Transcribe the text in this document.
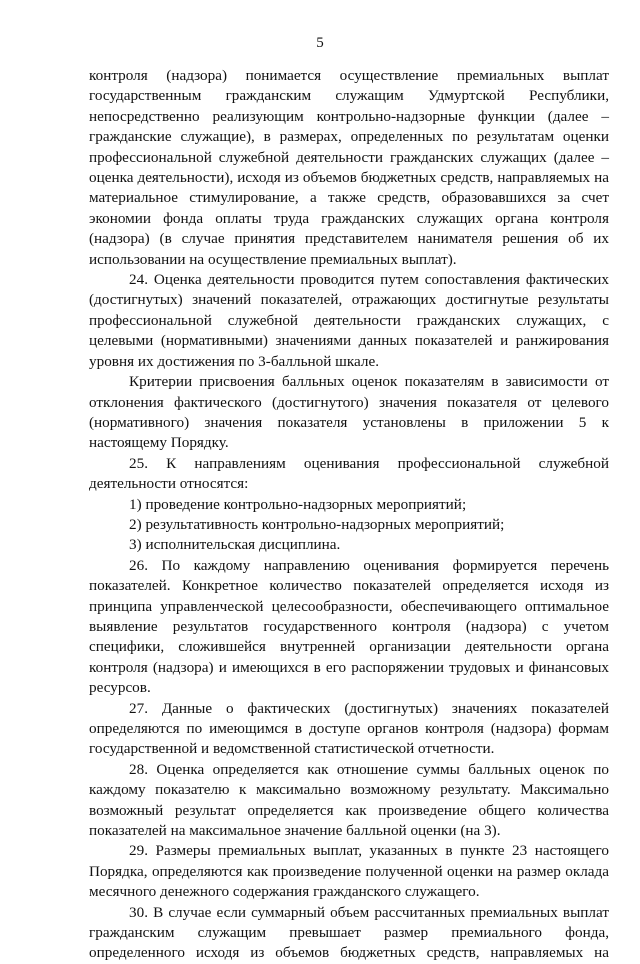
5

контроля (надзора) понимается осуществление премиальных выплат государственным гражданским служащим Удмуртской Республики, непосредственно реализующим контрольно-надзорные функции (далее – гражданские служащие), в размерах, определенных по результатам оценки профессиональной служебной деятельности гражданских служащих (далее – оценка деятельности), исходя из объемов бюджетных средств, направляемых на материальное стимулирование, а также средств, образовавшихся за счет экономии фонда оплаты труда гражданских служащих органа контроля (надзора) (в случае принятия представителем нанимателя решения об их использовании на осуществление премиальных выплат).

24. Оценка деятельности проводится путем сопоставления фактических (достигнутых) значений показателей, отражающих достигнутые результаты профессиональной служебной деятельности гражданских служащих, с целевыми (нормативными) значениями данных показателей и ранжирования уровня их достижения по 3-балльной шкале.

Критерии присвоения балльных оценок показателям в зависимости от отклонения фактического (достигнутого) значения показателя от целевого (нормативного) значения показателя установлены в приложении 5 к настоящему Порядку.

25. К направлениям оценивания профессиональной служебной деятельности относятся:

1) проведение контрольно-надзорных мероприятий;

2) результативность контрольно-надзорных мероприятий;

3) исполнительская дисциплина.

26. По каждому направлению оценивания формируется перечень показателей. Конкретное количество показателей определяется исходя из принципа управленческой целесообразности, обеспечивающего оптимальное выявление результатов государственного контроля (надзора) с учетом специфики, сложившейся внутренней организации деятельности органа контроля (надзора) и имеющихся в его распоряжении трудовых и финансовых ресурсов.

27. Данные о фактических (достигнутых) значениях показателей определяются по имеющимся в доступе органов контроля (надзора) формам государственной и ведомственной статистической отчетности.

28. Оценка определяется как отношение суммы балльных оценок по каждому показателю к максимально возможному результату. Максимально возможный результат определяется как произведение общего количества показателей на максимальное значение балльной оценки (на 3).

29. Размеры премиальных выплат, указанных в пункте 23 настоящего Порядка, определяются как произведение полученной оценки на размер оклада месячного денежного содержания гражданского служащего.

30. В случае если суммарный объем рассчитанных премиальных выплат гражданским служащим превышает размер премиального фонда, определенного исходя из объемов бюджетных средств, направляемых на
